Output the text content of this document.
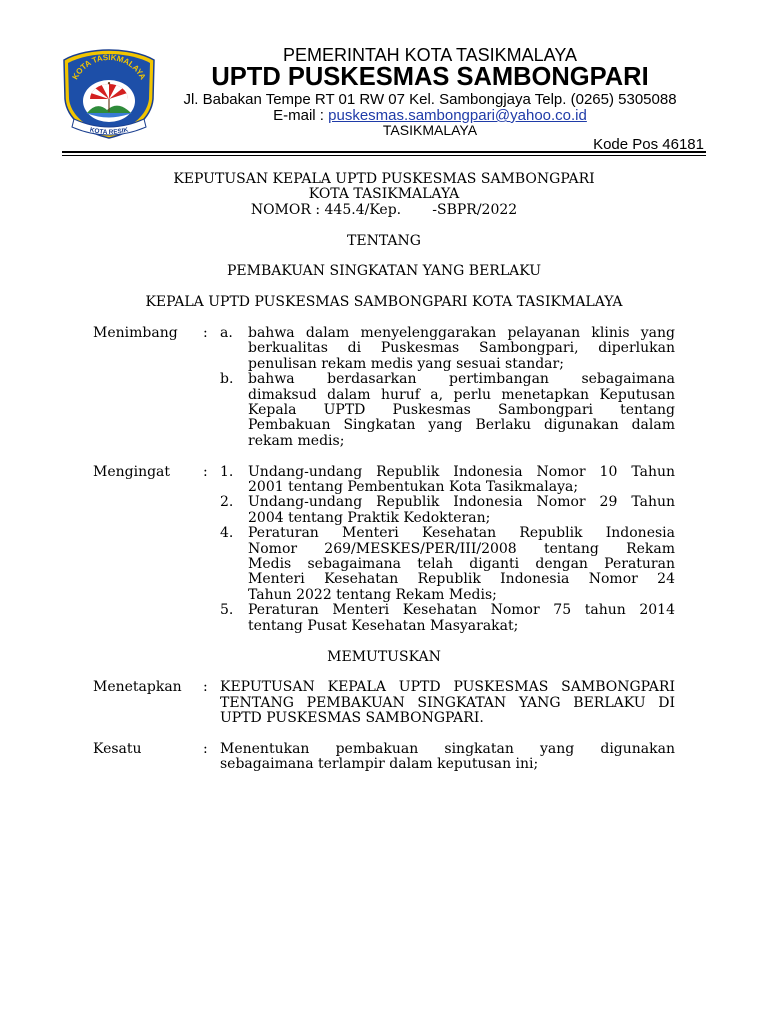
KOTA TASIKMALAYA
KOTA RESIK
PEMERINTAH KOTA TASIKMALAYA
UPTD PUSKESMAS SAMBONGPARI
Jl. Babakan Tempe RT 01 RW 07 Kel. Sambongjaya Telp. (0265) 5305088
E-mail : puskesmas.sambongpari@yahoo.co.id
TASIKMALAYA
Kode Pos 46181
KEPUTUSAN KEPALA UPTD PUSKESMAS SAMBONGPARI
KOTA TASIKMALAYA
NOMOR : 445.4/Kep.       -SBPR/2022
TENTANG
PEMBAKUAN SINGKATAN YANG BERLAKU
KEPALA UPTD PUSKESMAS SAMBONGPARI KOTA TASIKMALAYA
Menimbang	: a.	bahwa dalam menyelenggarakan pelayanan klinis yang
berkualitas di Puskesmas Sambongpari, diperlukan
penulisan rekam medis yang sesuai standar;
b.	bahwa berdasarkan pertimbangan sebagaimana
dimaksud dalam huruf a, perlu menetapkan Keputusan
Kepala UPTD Puskesmas Sambongpari tentang
Pembakuan Singkatan yang Berlaku digunakan dalam
rekam medis;
Mengingat	: 1.	Undang-undang Republik Indonesia Nomor 10 Tahun
2001 tentang Pembentukan Kota Tasikmalaya;
2.	Undang-undang Republik Indonesia Nomor 29 Tahun
2004 tentang Praktik Kedokteran;
4.	Peraturan Menteri Kesehatan Republik Indonesia
Nomor 269/MESKES/PER/III/2008 tentang Rekam
Medis sebagaimana telah diganti dengan Peraturan
Menteri Kesehatan Republik Indonesia Nomor 24
Tahun 2022 tentang Rekam Medis;
5.	Peraturan Menteri Kesehatan Nomor 75 tahun 2014
tentang Pusat Kesehatan Masyarakat;
MEMUTUSKAN
Menetapkan	: KEPUTUSAN KEPALA UPTD PUSKESMAS SAMBONGPARI
TENTANG PEMBAKUAN SINGKATAN YANG BERLAKU DI
UPTD PUSKESMAS SAMBONGPARI.
Kesatu	: Menentukan pembakuan singkatan yang digunakan
sebagaimana terlampir dalam keputusan ini;
